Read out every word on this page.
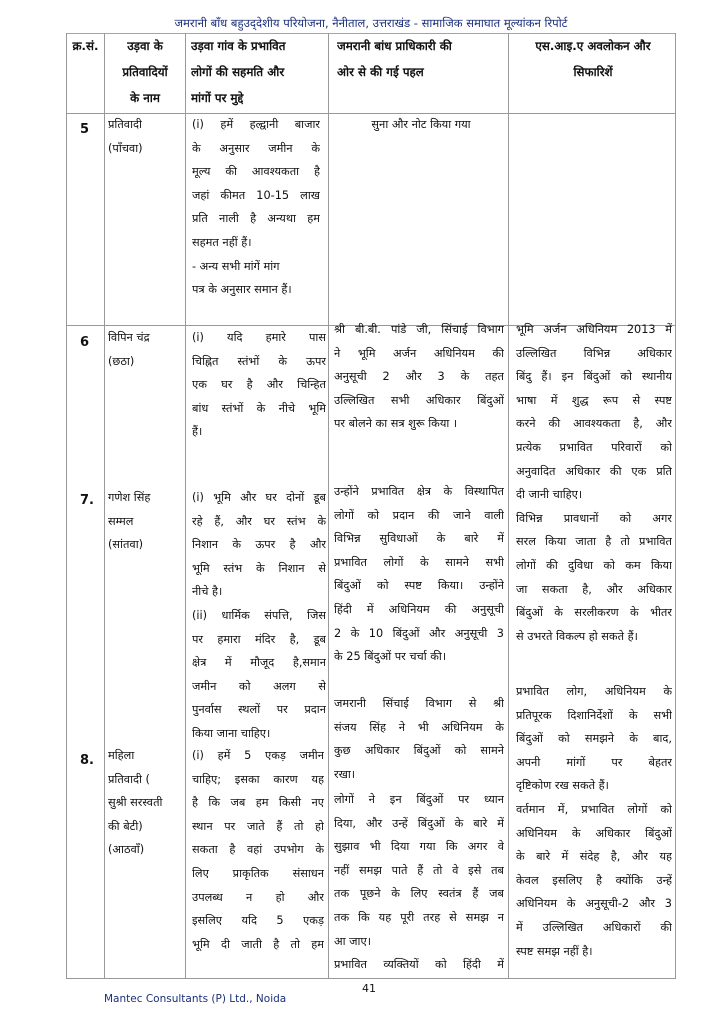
जमरानी बाँध बहुउद्‌देशीय परियोजना, नैनीताल, उत्तराखंड - सामाजिक समाघात मूल्यांकन रिपोर्ट
क्र.सं.	उड़वा के
प्रतिवादियों
के नाम
उड़वा गांव के प्रभावित
लोगों की सहमति और
मांगों पर मुद्दे
जमरानी बांध प्राधिकारी की
ओर से की गई पहल
एस.आइ.ए अवलोकन और
सिफारिशें
5 प्रतिवादी
(पाँचवा)
(i) हमें हल्द्वानी बाजार
के अनुसार जमीन के
मूल्य की आवश्यकता है
जहां कीमत 10-15 लाख
प्रति नाली है अन्यथा हम
सहमत नहीं हैं।
- अन्य सभी मांगें मांग
पत्र के अनुसार समान हैं।
सुना और नोट किया गया
6 विपिन चंद्र
(छठा)
(i) यदि हमारे पास
चिह्नित स्तंभों के ऊपर
एक घर है और चिन्हित
बांध स्तंभों के नीचे भूमि
हैं।
7. गणेश सिंह
सम्मल
(सांतवा)
(i) भूमि और घर दोनों डूब
रहे हैं, और घर स्तंभ के
निशान के ऊपर है और
भूमि स्तंभ के निशान से
नीचे है।
(ii) धार्मिक संपत्ति, जिस
पर हमारा मंदिर है, डूब
क्षेत्र में मौजूद है,समान
जमीन को अलग से
पुनर्वास स्थलों पर प्रदान
किया जाना चाहिए।
8. महिला
प्रतिवादी (
सुश्री सरस्वती
की बेटी)
(आठवाँ)
(i) हमें 5 एकड़ जमीन
चाहिए; इसका कारण यह
है कि जब हम किसी नए
स्थान पर जाते हैं तो हो
सकता है वहां उपभोग के
लिए प्राकृतिक संसाधन
उपलब्ध न हो और
इसलिए यदि 5 एकड़
भूमि दी जाती है तो हम
श्री बी.बी. पांडे जी, सिंचाई विभाग
ने भूमि अर्जन अधिनियम की
अनुसूची 2 और 3 के तहत
उल्लिखित सभी अधिकार बिंदुओं
पर बोलने का सत्र शुरू किया ।
उन्होंने प्रभावित क्षेत्र के विस्थापित
लोगों को प्रदान की जाने वाली
विभिन्न सुविधाओं के बारे में
प्रभावित लोगों के सामने सभी
बिंदुओं को स्पष्ट किया। उन्होंने
हिंदी में अधिनियम की अनुसूची
2 के 10 बिंदुओं और अनुसूची 3
के 25 बिंदुओं पर चर्चा की।
जमरानी सिंचाई विभाग से श्री
संजय सिंह ने भी अधिनियम के
कुछ अधिकार बिंदुओं को सामने
रखा।
लोगों ने इन बिंदुओं पर ध्यान
दिया, और उन्हें बिंदुओं के बारे में
सुझाव भी दिया गया कि अगर वे
नहीं समझ पाते हैं तो वे इसे तब
तक पूछने के लिए स्वतंत्र हैं जब
तक कि यह पूरी तरह से समझ न
आ जाए।
प्रभावित व्यक्तियों को हिंदी में
भूमि अर्जन अधिनियम 2013 में
उल्लिखित विभिन्न अधिकार
बिंदु हैं। इन बिंदुओं को स्थानीय
भाषा में शुद्ध रूप से स्पष्ट
करने की आवश्यकता है, और
प्रत्येक प्रभावित परिवारों को
अनुवादित अधिकार की एक प्रति
दी जानी चाहिए।
विभिन्न प्रावधानों को अगर
सरल किया जाता है तो प्रभावित
लोगों की दुविधा को कम किया
जा सकता है, और अधिकार
बिंदुओं के सरलीकरण के भीतर
से उभरते विकल्प हो सकते हैं।
प्रभावित लोग, अधिनियम के
प्रतिपूरक दिशानिर्देशों के सभी
बिंदुओं को समझने के बाद,
अपनी मांगों पर बेहतर
दृष्टिकोण रख सकते हैं।
वर्तमान में, प्रभावित लोगों को
अधिनियम के अधिकार बिंदुओं
के बारे में संदेह है, और यह
केवल इसलिए है क्योंकि उन्हें
अधिनियम के अनुसूची-2 और 3
में उल्लिखित अधिकारों की
स्पष्ट समझ नहीं है।
41
Mantec Consultants (P) Ltd., Noida
